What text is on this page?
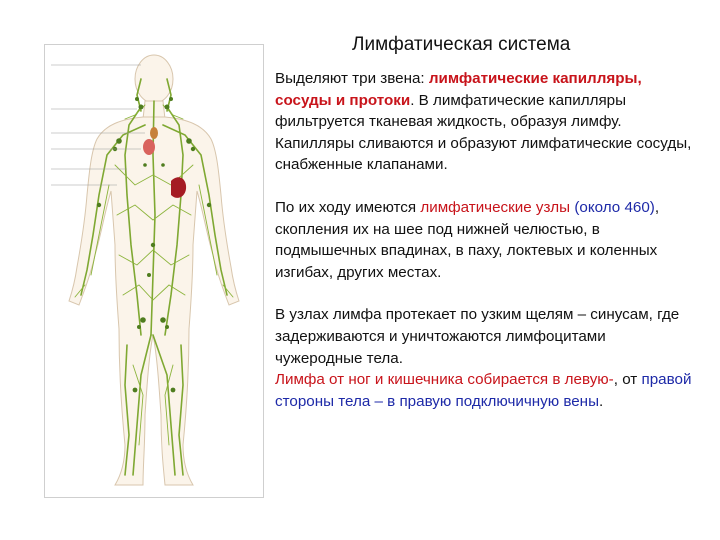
Лимфатическая система

Выделяют три звена: лимфатические капилляры, сосуды и протоки. В лимфатические капилляры фильтруется тканевая жидкость, образуя лимфу. Капилляры сливаются и образуют лимфатические сосуды, снабженные клапанами.

По их ходу имеются лимфатические узлы (около 460), скопления их на шее под нижней челюстью, в подмышечных впадинах, в паху, локтевых и коленных изгибах, других местах.

В узлах лимфа протекает по узким щелям – синусам, где задерживаются и уничтожаются лимфоцитами чужеродные тела.
Лимфа от ног и кишечника собирается в левую-, от правой стороны тела – в правую подключичную вены.
